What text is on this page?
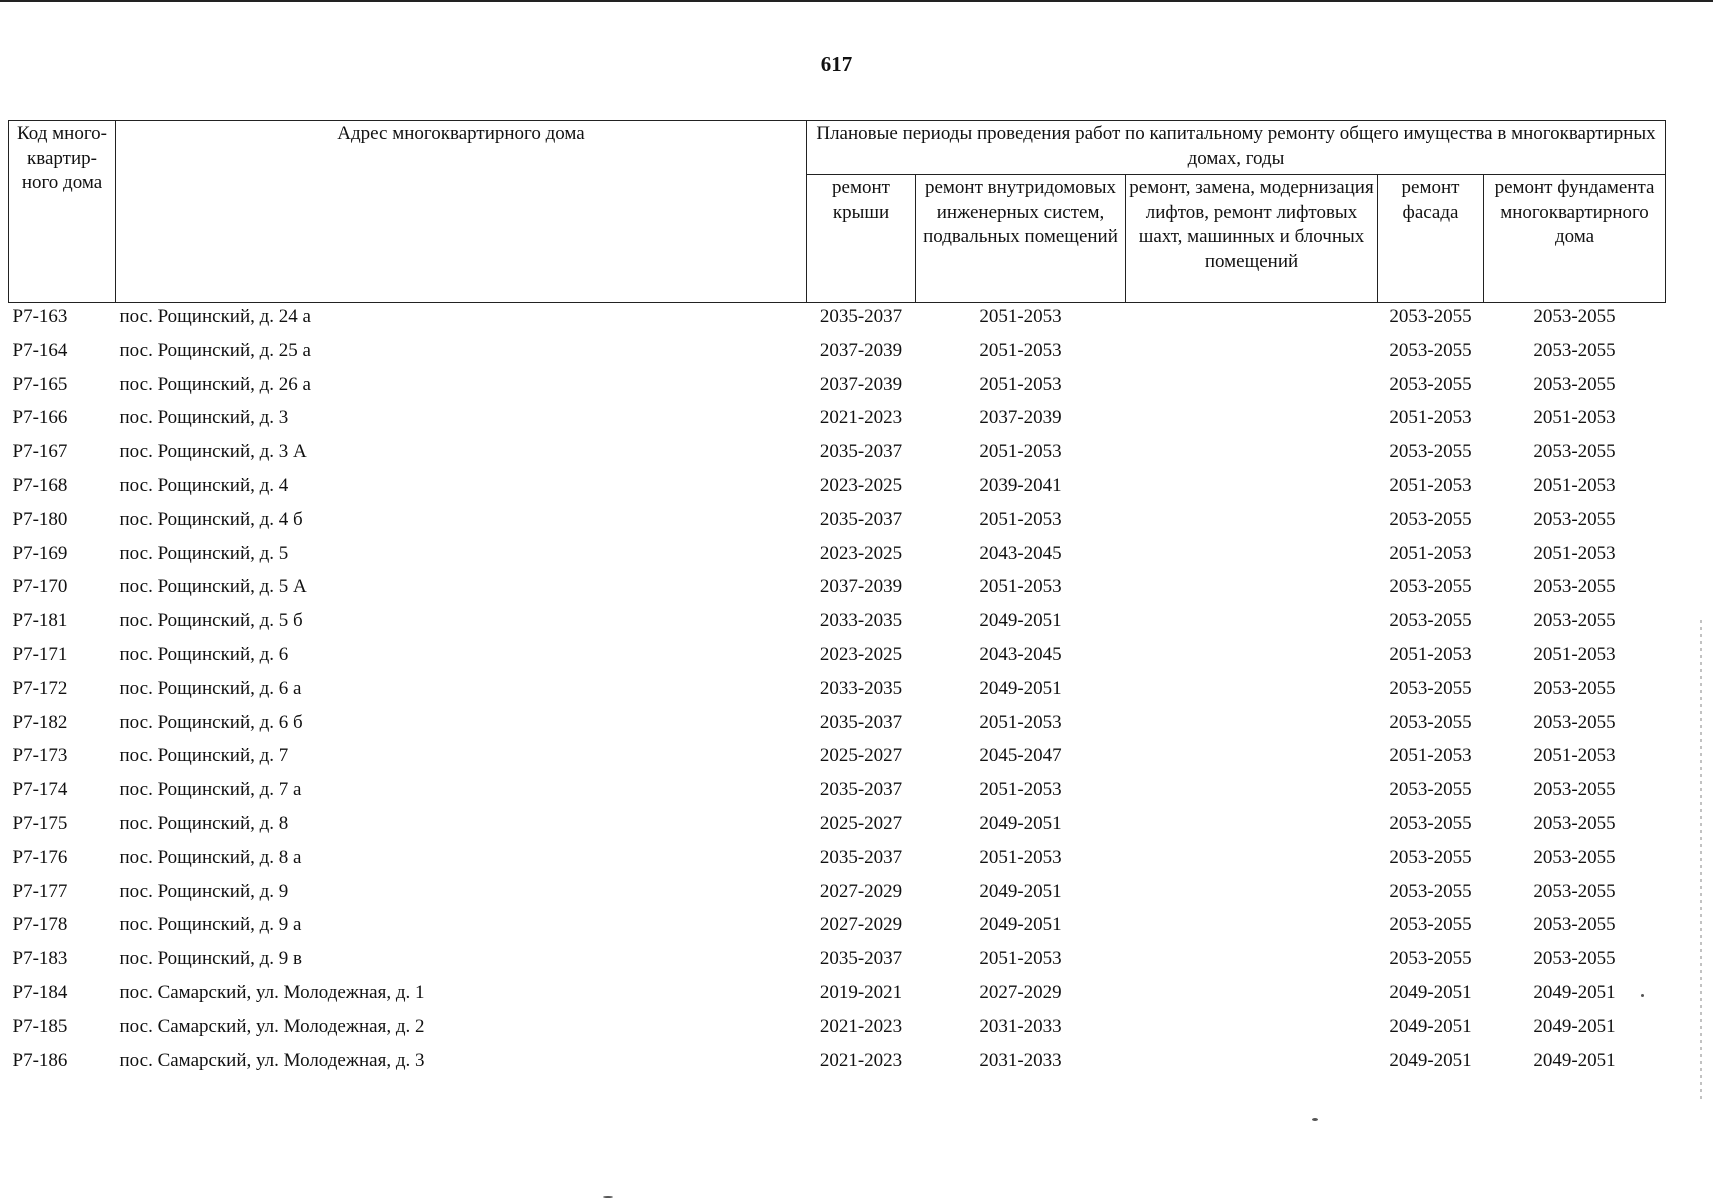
617
Код много-квартир-ного дома	Адрес многоквартирного дома	Плановые периоды проведения работ по капитальному ремонту общего имущества в многоквартирных домах, годы				
		ремонт крыши	ремонт внутридомовых инженерных систем, подвальных помещений	ремонт, замена, модернизация лифтов, ремонт лифтовых шахт, машинных и блочных помещений	ремонт фасада	ремонт фундамента многоквартирного дома
Р7-163	пос. Рощинский, д. 24 а	2035-2037	2051-2053		2053-2055	2053-2055
Р7-164	пос. Рощинский, д. 25 а	2037-2039	2051-2053		2053-2055	2053-2055
Р7-165	пос. Рощинский, д. 26 а	2037-2039	2051-2053		2053-2055	2053-2055
Р7-166	пос. Рощинский, д. 3	2021-2023	2037-2039		2051-2053	2051-2053
Р7-167	пос. Рощинский, д. 3 А	2035-2037	2051-2053		2053-2055	2053-2055
Р7-168	пос. Рощинский, д. 4	2023-2025	2039-2041		2051-2053	2051-2053
Р7-180	пос. Рощинский, д. 4 б	2035-2037	2051-2053		2053-2055	2053-2055
Р7-169	пос. Рощинский, д. 5	2023-2025	2043-2045		2051-2053	2051-2053
Р7-170	пос. Рощинский, д. 5 А	2037-2039	2051-2053		2053-2055	2053-2055
Р7-181	пос. Рощинский, д. 5 б	2033-2035	2049-2051		2053-2055	2053-2055
Р7-171	пос. Рощинский, д. 6	2023-2025	2043-2045		2051-2053	2051-2053
Р7-172	пос. Рощинский, д. 6 а	2033-2035	2049-2051		2053-2055	2053-2055
Р7-182	пос. Рощинский, д. 6 б	2035-2037	2051-2053		2053-2055	2053-2055
Р7-173	пос. Рощинский, д. 7	2025-2027	2045-2047		2051-2053	2051-2053
Р7-174	пос. Рощинский, д. 7 а	2035-2037	2051-2053		2053-2055	2053-2055
Р7-175	пос. Рощинский, д. 8	2025-2027	2049-2051		2053-2055	2053-2055
Р7-176	пос. Рощинский, д. 8 а	2035-2037	2051-2053		2053-2055	2053-2055
Р7-177	пос. Рощинский, д. 9	2027-2029	2049-2051		2053-2055	2053-2055
Р7-178	пос. Рощинский, д. 9 а	2027-2029	2049-2051		2053-2055	2053-2055
Р7-183	пос. Рощинский, д. 9 в	2035-2037	2051-2053		2053-2055	2053-2055
Р7-184	пос. Самарский, ул. Молодежная, д. 1	2019-2021	2027-2029		2049-2051	2049-2051
Р7-185	пос. Самарский, ул. Молодежная, д. 2	2021-2023	2031-2033		2049-2051	2049-2051
Р7-186	пос. Самарский, ул. Молодежная, д. 3	2021-2023	2031-2033		2049-2051	2049-2051
